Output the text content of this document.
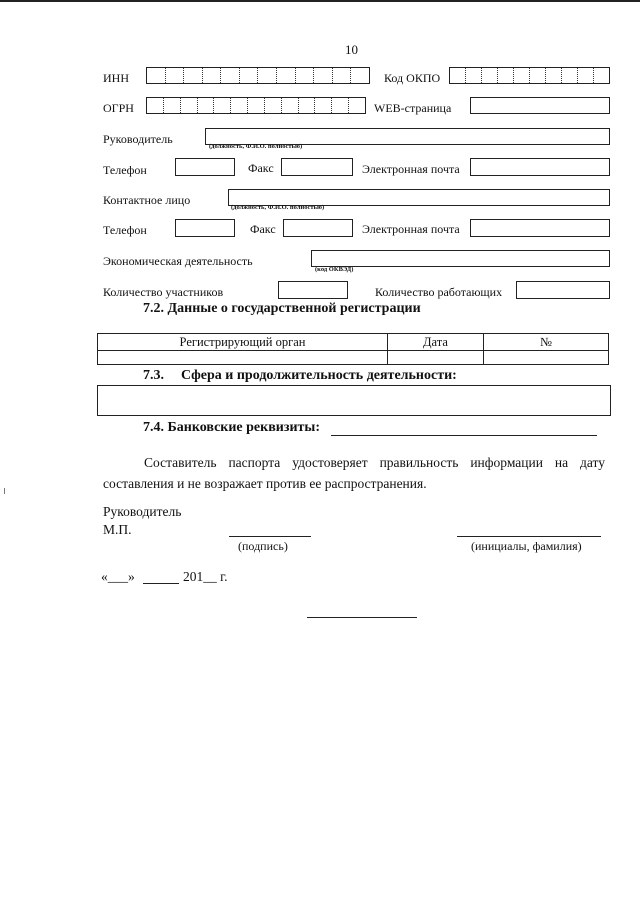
10
ИНН	Код ОКПО
ОГРН	WEB-страница
Руководитель
(должность, Ф.И.О. полностью)
Телефон	Факс	Электронная почта
Контактное лицо
(должность, Ф.И.О. полностью)
Телефон	Факс	Электронная почта
Экономическая деятельность
(код ОКВЭД)
Количество участников	Количество работающих
7.2. Данные о государственной регистрации
Регистрирующий орган	Дата	№

7.3. Сфера и продолжительность деятельности:
7.4. Банковские реквизиты:
Составитель паспорта удостоверяет правильность информации на дату составления и не возражает против ее распространения.
Руководитель
М.П.
(подпись)	(инициалы, фамилия)
«___»	201__ г.
